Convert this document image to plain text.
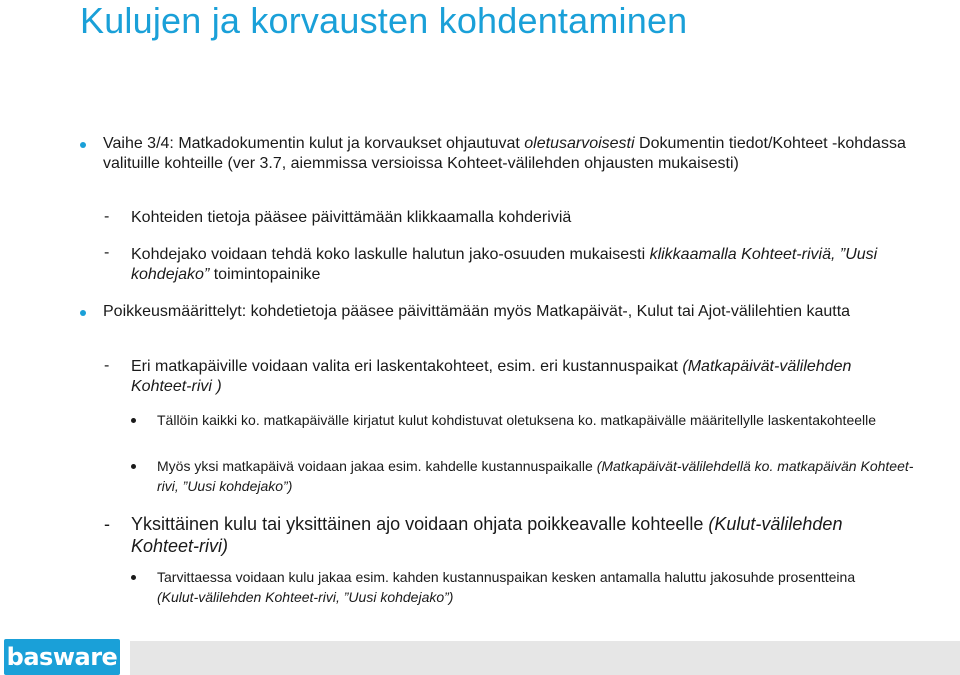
Kulujen ja korvausten kohdentaminen
Vaihe 3/4: Matkadokumentin kulut ja korvaukset ohjautuvat oletusarvoisesti Dokumentin tiedot/Kohteet -kohdassa valituille kohteille (ver 3.7, aiemmissa versioissa Kohteet-välilehden ohjausten mukaisesti)
- Kohteiden tietoja pääsee päivittämään klikkaamalla kohderiviä
- Kohdejako voidaan tehdä koko laskulle halutun jako-osuuden mukaisesti klikkaamalla Kohteet-riviä, ”Uusi kohdejako” toimintopainike
Poikkeusmäärittelyt: kohdetietoja pääsee päivittämään myös Matkapäivät-, Kulut tai Ajot-välilehtien kautta
- Eri matkapäiville voidaan valita eri laskentakohteet, esim. eri kustannuspaikat (Matkapäivät-välilehden Kohteet-rivi )
Tällöin kaikki ko. matkapäivälle kirjatut kulut kohdistuvat oletuksena ko. matkapäivälle määritellylle laskentakohteelle
Myös yksi matkapäivä voidaan jakaa esim. kahdelle kustannuspaikalle (Matkapäivät-välilehdellä ko. matkapäivän Kohteet-rivi, ”Uusi kohdejako”)
- Yksittäinen kulu tai yksittäinen ajo voidaan ohjata poikkeavalle kohteelle (Kulut-välilehden Kohteet-rivi)
Tarvittaessa voidaan kulu jakaa esim. kahden kustannuspaikan kesken antamalla haluttu jakosuhde prosentteina (Kulut-välilehden Kohteet-rivi, ”Uusi kohdejako”)
basware
